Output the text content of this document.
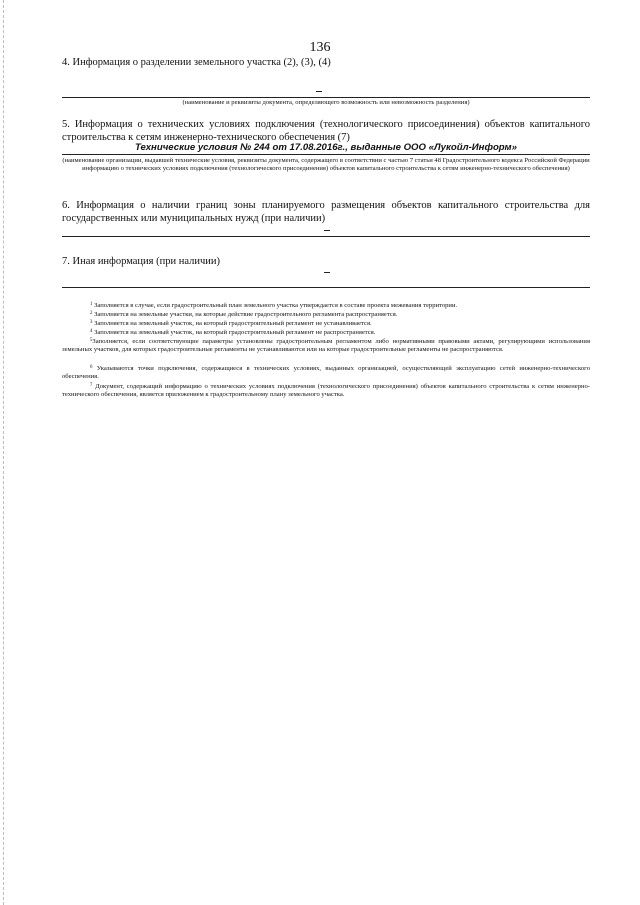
136
4. Информация о разделении земельного участка (2), (3), (4)
(наименование и реквизиты документа, определяющего возможность или невозможность разделения)
5. Информация о технических условиях подключения (технологического присоединения) объектов капитального строительства к сетям инженерно-технического обеспечения (7)
Технические условия № 244 от 17.08.2016г., выданные ООО «Лукойл-Информ»
(наименование организации, выдавшей технические условия, реквизиты документа, содержащего в соответствии с частью 7 статьи 48 Градостроительного кодекса Российской Федерации информацию о технических условиях подключения (технологического присоединения) объектов капитального строительства к сетям инженерно-технического обеспечения)
6. Информация о наличии границ зоны планируемого размещения объектов капитального строительства для государственных или муниципальных нужд (при наличии)
7. Иная информация (при наличии)
$^1$ Заполняется в случае, если градостроительный план земельного участка утверждается в составе проекта межевания территории.
$^2$ Заполняется на земельные участки, на которые действие градостроительного регламента распространяется.
$^3$ Заполняется на земельный участок, на который градостроительный регламент не устанавливается.
$^4$ Заполняется на земельный участок, на который градостроительный регламент не распространяется.
$^5$Заполняется, если соответствующие параметры установлены градостроительным регламентом либо нормативными правовыми актами, регулирующими использования земельных участков, для которых градостроительные регламенты не устанавливаются или на которые градостроительные регламенты не распространяются.
$^6$ Указываются точки подключения, содержащиеся в технических условиях, выданных организацией, осуществляющей эксплуатацию сетей инженерно-технического обеспечения.
$^7$ Документ, содержащий информацию о технических условиях подключения (технологического присоединения) объектов капитального строительства к сетям инженерно-технического обеспечения, является приложением к градостроительному плану земельного участка.
